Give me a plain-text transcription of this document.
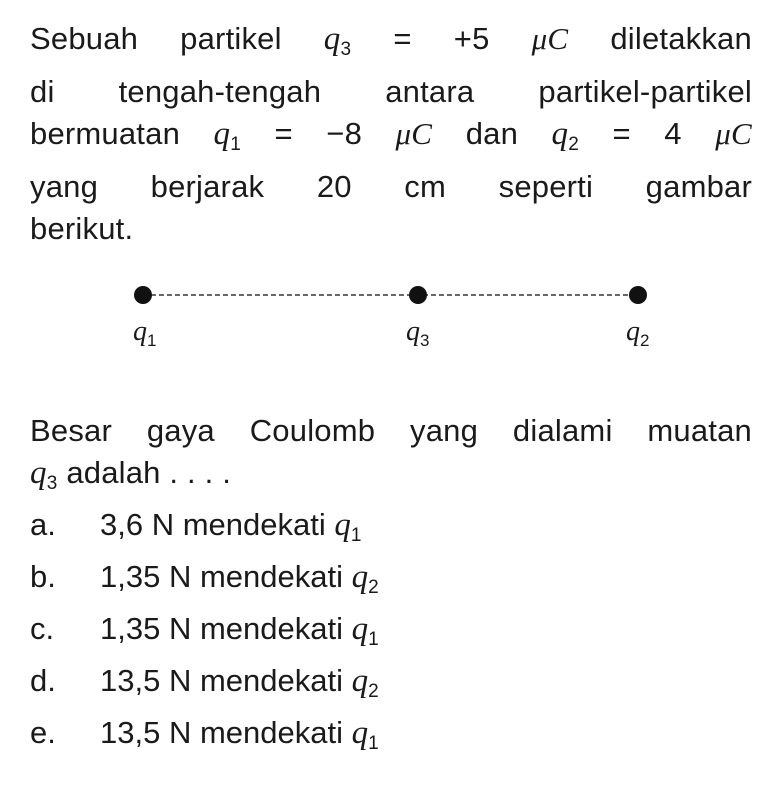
Sebuah partikel $q_3 = +5$ μC diletakkan
di tengah-tengah antara partikel-partikel
bermuatan $q_1 = -8$ μC dan $q_2 = 4$ μC
yang berjarak 20 cm seperti gambar
berikut.
$q_1$	$q_3$	$q_2$
Besar gaya Coulomb yang dialami muatan
$q_3$ adalah . . . .
a. 3,6 N mendekati $q_1$
b. 1,35 N mendekati $q_2$
c. 1,35 N mendekati $q_1$
d. 13,5 N mendekati $q_2$
e. 13,5 N mendekati $q_1$
